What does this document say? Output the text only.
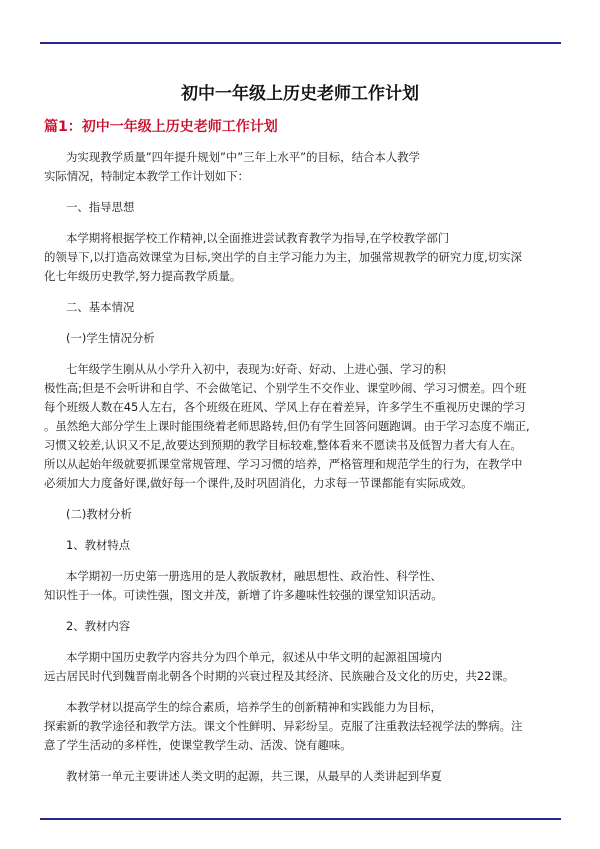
初中一年级上历史老师工作计划
篇1：初中一年级上历史老师工作计划

为实现教学质量”四年提升规划”中”三年上水平”的目标，结合本人教学
实际情况，特制定本教学工作计划如下：

一、指导思想

本学期将根据学校工作精神,以全面推进尝试教育教学为指导,在学校教学部门
的领导下,以打造高效课堂为目标,突出学的自主学习能力为主，加强常规教学的研究力度,切实深
化七年级历史教学,努力提高教学质量。

二、基本情况

(一)学生情况分析

七年级学生刚从从小学升入初中，表现为:好奇、好动、上进心强、学习的积
极性高;但是不会听讲和自学、不会做笔记、个别学生不交作业、课堂吵闹、学习习惯差。四个班
每个班级人数在45人左右，各个班级在班风、学风上存在着差异，许多学生不重视历史课的学习
。虽然绝大部分学生上课时能围绕着老师思路转,但仍有学生回答问题跑调。由于学习态度不端正,
习惯又较差,认识又不足,故要达到预期的教学目标较难,整体看来不愿读书及低智力者大有人在。
所以从起始年级就要抓课堂常规管理、学习习惯的培养，严格管理和规范学生的行为，在教学中
必须加大力度备好课,做好每一个课件,及时巩固消化，力求每一节课都能有实际成效。

(二)教材分析

1、教材特点

本学期初一历史第一册选用的是人教版教材，融思想性、政治性、科学性、
知识性于一体。可读性强，图文并茂，新增了许多趣味性较强的课堂知识活动。

2、教材内容

本学期中国历史教学内容共分为四个单元，叙述从中华文明的起源祖国境内
远古居民时代到魏晋南北朝各个时期的兴衰过程及其经济、民族融合及文化的历史，共22课。

本教学材以提高学生的综合素质，培养学生的创新精神和实践能力为目标，
探索新的教学途径和教学方法。课文个性鲜明、异彩纷呈。克服了注重教法轻视学法的弊病。注
意了学生活动的多样性，使课堂教学生动、活泼、饶有趣味。

教材第一单元主要讲述人类文明的起源，共三课，从最早的人类讲起到华夏
